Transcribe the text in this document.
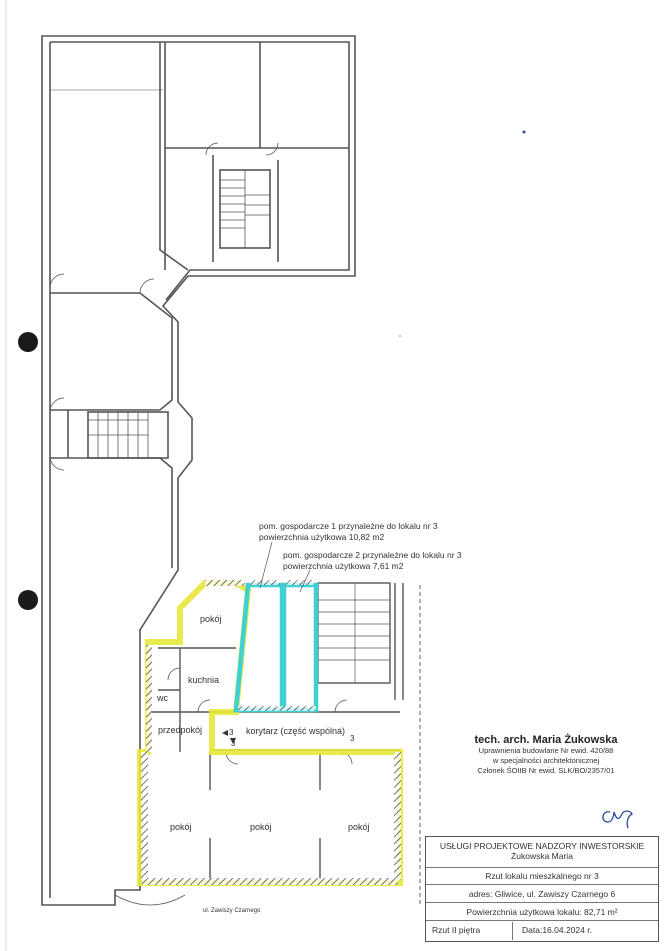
pokój
kuchnia
wc
przedpokój	korytarz (część wspólna)
pokój	pokój	pokój
3
3
3
pom. gospodarcze 1 przynależne do lokalu nr 3
powierzchnia użytkowa 10,82 m2
pom. gospodarcze 2 przynależne do lokalu nr 3
powierzchnia użytkowa 7,61 m2
ul. Zawiszy Czarnego
tech. arch. Maria Żukowska
Uprawnienia budowlane Nr ewid. 420/88
w specjalności architektonicznej
Członek ŚOIIB Nr ewid. SLK/BO/2357/01
USŁUGI PROJEKTOWE NADZORY INWESTORSKIE
Żukowska Maria
Rzut lokalu mieszkalnego nr 3
adres: Gliwice, ul. Zawiszy Czarnego 6
Powierzchnia użytkowa lokalu: 82,71 m²
Rzut II piętra	Data:16.04.2024 r.
